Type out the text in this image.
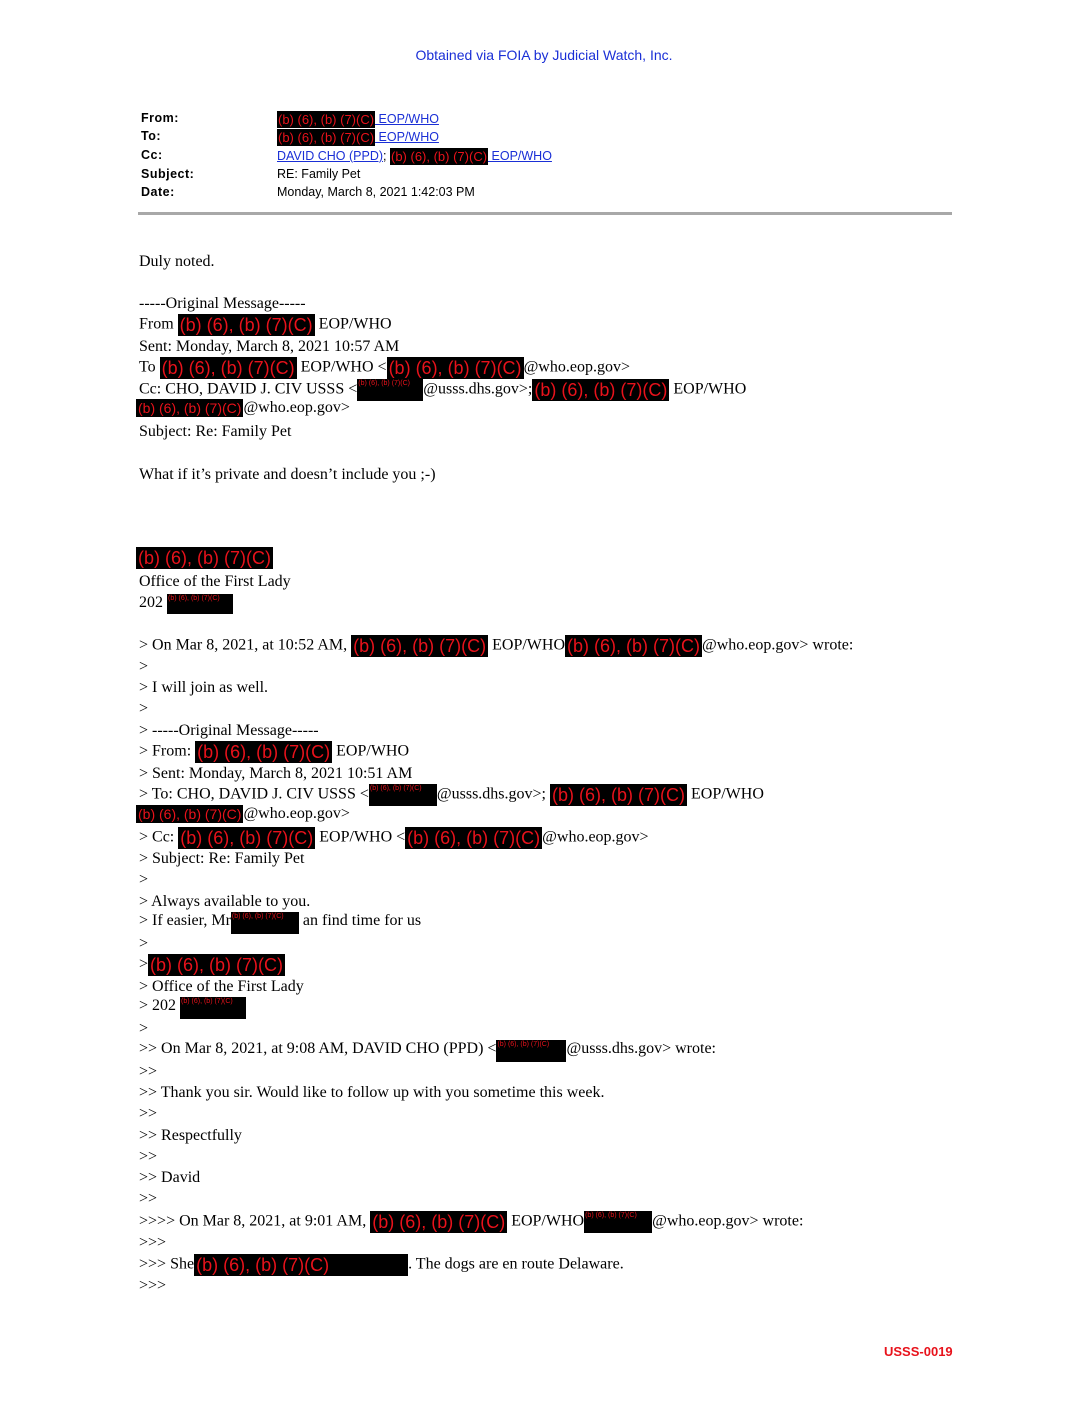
Obtained via FOIA by Judicial Watch, Inc.
From:	(b) (6), (b) (7)(C) EOP/WHO
To:	(b) (6), (b) (7)(C) EOP/WHO
Cc:	DAVID CHO (PPD); (b) (6), (b) (7)(C) EOP/WHO
Subject:	RE: Family Pet
Date:	Monday, March 8, 2021 1:42:03 PM
Duly noted.
-----Original Message-----
From (b) (6), (b) (7)(C) EOP/WHO
Sent: Monday, March 8, 2021 10:57 AM
To (b) (6), (b) (7)(C) EOP/WHO < (b) (6), (b) (7)(C) @who.eop.gov>
Cc: CHO, DAVID J. CIV USSS <(b) (6), (b) (7)(C) @usss.dhs.gov>; (b) (6), (b) (7)(C) EOP/WHO
(b) (6), (b) (7)(C) @who.eop.gov>
Subject: Re: Family Pet
What if it’s private and doesn’t include you ;-)
(b) (6), (b) (7)(C)
Office of the First Lady
202 (b) (6), (b) (7)(C)
> On Mar 8, 2021, at 10:52 AM, (b) (6), (b) (7)(C) EOP/WHO (b) (6), (b) (7)(C) @who.eop.gov> wrote:
>
> I will join as well.
>
> -----Original Message-----
> From: (b) (6), (b) (7)(C) EOP/WHO
> Sent: Monday, March 8, 2021 10:51 AM
> To: CHO, DAVID J. CIV USSS <(b) (6), (b) (7)(C) @usss.dhs.gov>; (b) (6), (b) (7)(C) EOP/WHO
(b) (6), (b) (7)(C) @who.eop.gov>
> Cc: (b) (6), (b) (7)(C) EOP/WHO < (b) (6), (b) (7)(C) @who.eop.gov>
> Subject: Re: Family Pet
>
> Always available to you.
> If easier, Mr(b) (6), (b) (7)(C) an find time for us
>
> (b) (6), (b) (7)(C)
> Office of the First Lady
> 202 (b) (6), (b) (7)(C)
>
>> On Mar 8, 2021, at 9:08 AM, DAVID CHO (PPD) <(b) (6), (b) (7)(C) @usss.dhs.gov> wrote:
>>
>> Thank you sir. Would like to follow up with you sometime this week.
>>
>> Respectfully
>>
>> David
>>
>>>> On Mar 8, 2021, at 9:01 AM, (b) (6), (b) (7)(C) EOP/WHO(b) (6), (b) (7)(C) @who.eop.gov> wrote:
>>>
>>> She (b) (6), (b) (7)(C)	. The dogs are en route Delaware.
>>>
USSS-0019
